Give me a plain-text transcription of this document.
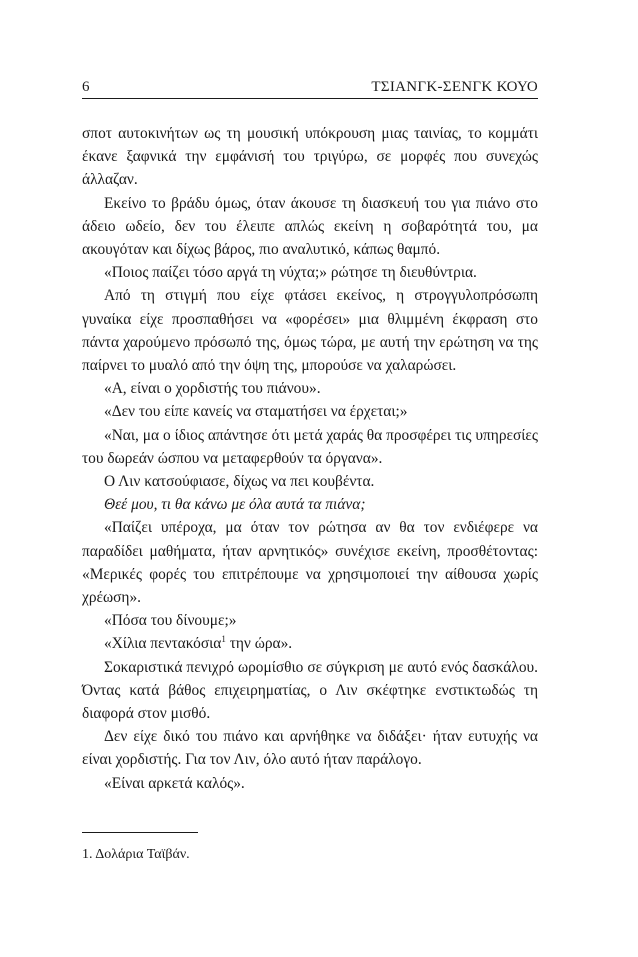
6	ΤΣΙΑΝΓΚ-ΣΕΝΓΚ ΚΟΥΟ

σποτ αυτοκινήτων ως τη μουσική υπόκρουση μιας ταινίας, το κομμάτι έκανε ξαφνικά την εμφάνισή του τριγύρω, σε μορφές που συνεχώς άλλαζαν.

Εκείνο το βράδυ όμως, όταν άκουσε τη διασκευή του για πιάνο στο άδειο ωδείο, δεν του έλειπε απλώς εκείνη η σοβαρότητά του, μα ακουγόταν και δίχως βάρος, πιο αναλυτικό, κάπως θαμπό.

«Ποιος παίζει τόσο αργά τη νύχτα;» ρώτησε τη διευθύντρια.

Από τη στιγμή που είχε φτάσει εκείνος, η στρογγυλοπρόσωπη γυναίκα είχε προσπαθήσει να «φορέσει» μια θλιμμένη έκφραση στο πάντα χαρούμενο πρόσωπό της, όμως τώρα, με αυτή την ερώτηση να της παίρνει το μυαλό από την όψη της, μπορούσε να χαλαρώσει.

«Α, είναι ο χορδιστής του πιάνου».

«Δεν του είπε κανείς να σταματήσει να έρχεται;»

«Ναι, μα ο ίδιος απάντησε ότι μετά χαράς θα προσφέρει τις υπηρεσίες του δωρεάν ώσπου να μεταφερθούν τα όργανα».

Ο Λιν κατσούφιασε, δίχως να πει κουβέντα.

Θεέ μου, τι θα κάνω με όλα αυτά τα πιάνα;

«Παίζει υπέροχα, μα όταν τον ρώτησα αν θα τον ενδιέφερε να παραδίδει μαθήματα, ήταν αρνητικός» συνέχισε εκείνη, προσθέτοντας: «Μερικές φορές του επιτρέπουμε να χρησιμοποιεί την αίθουσα χωρίς χρέωση».

«Πόσα του δίνουμε;»

«Χίλια πεντακόσια$^1$ την ώρα».

Σοκαριστικά πενιχρό ωρομίσθιο σε σύγκριση με αυτό ενός δασκάλου. Όντας κατά βάθος επιχειρηματίας, ο Λιν σκέφτηκε ενστικτωδώς τη διαφορά στον μισθό.

Δεν είχε δικό του πιάνο και αρνήθηκε να διδάξει· ήταν ευτυχής να είναι χορδιστής. Για τον Λιν, όλο αυτό ήταν παράλογο.

«Είναι αρκετά καλός».

1. Δολάρια Ταϊβάν.
